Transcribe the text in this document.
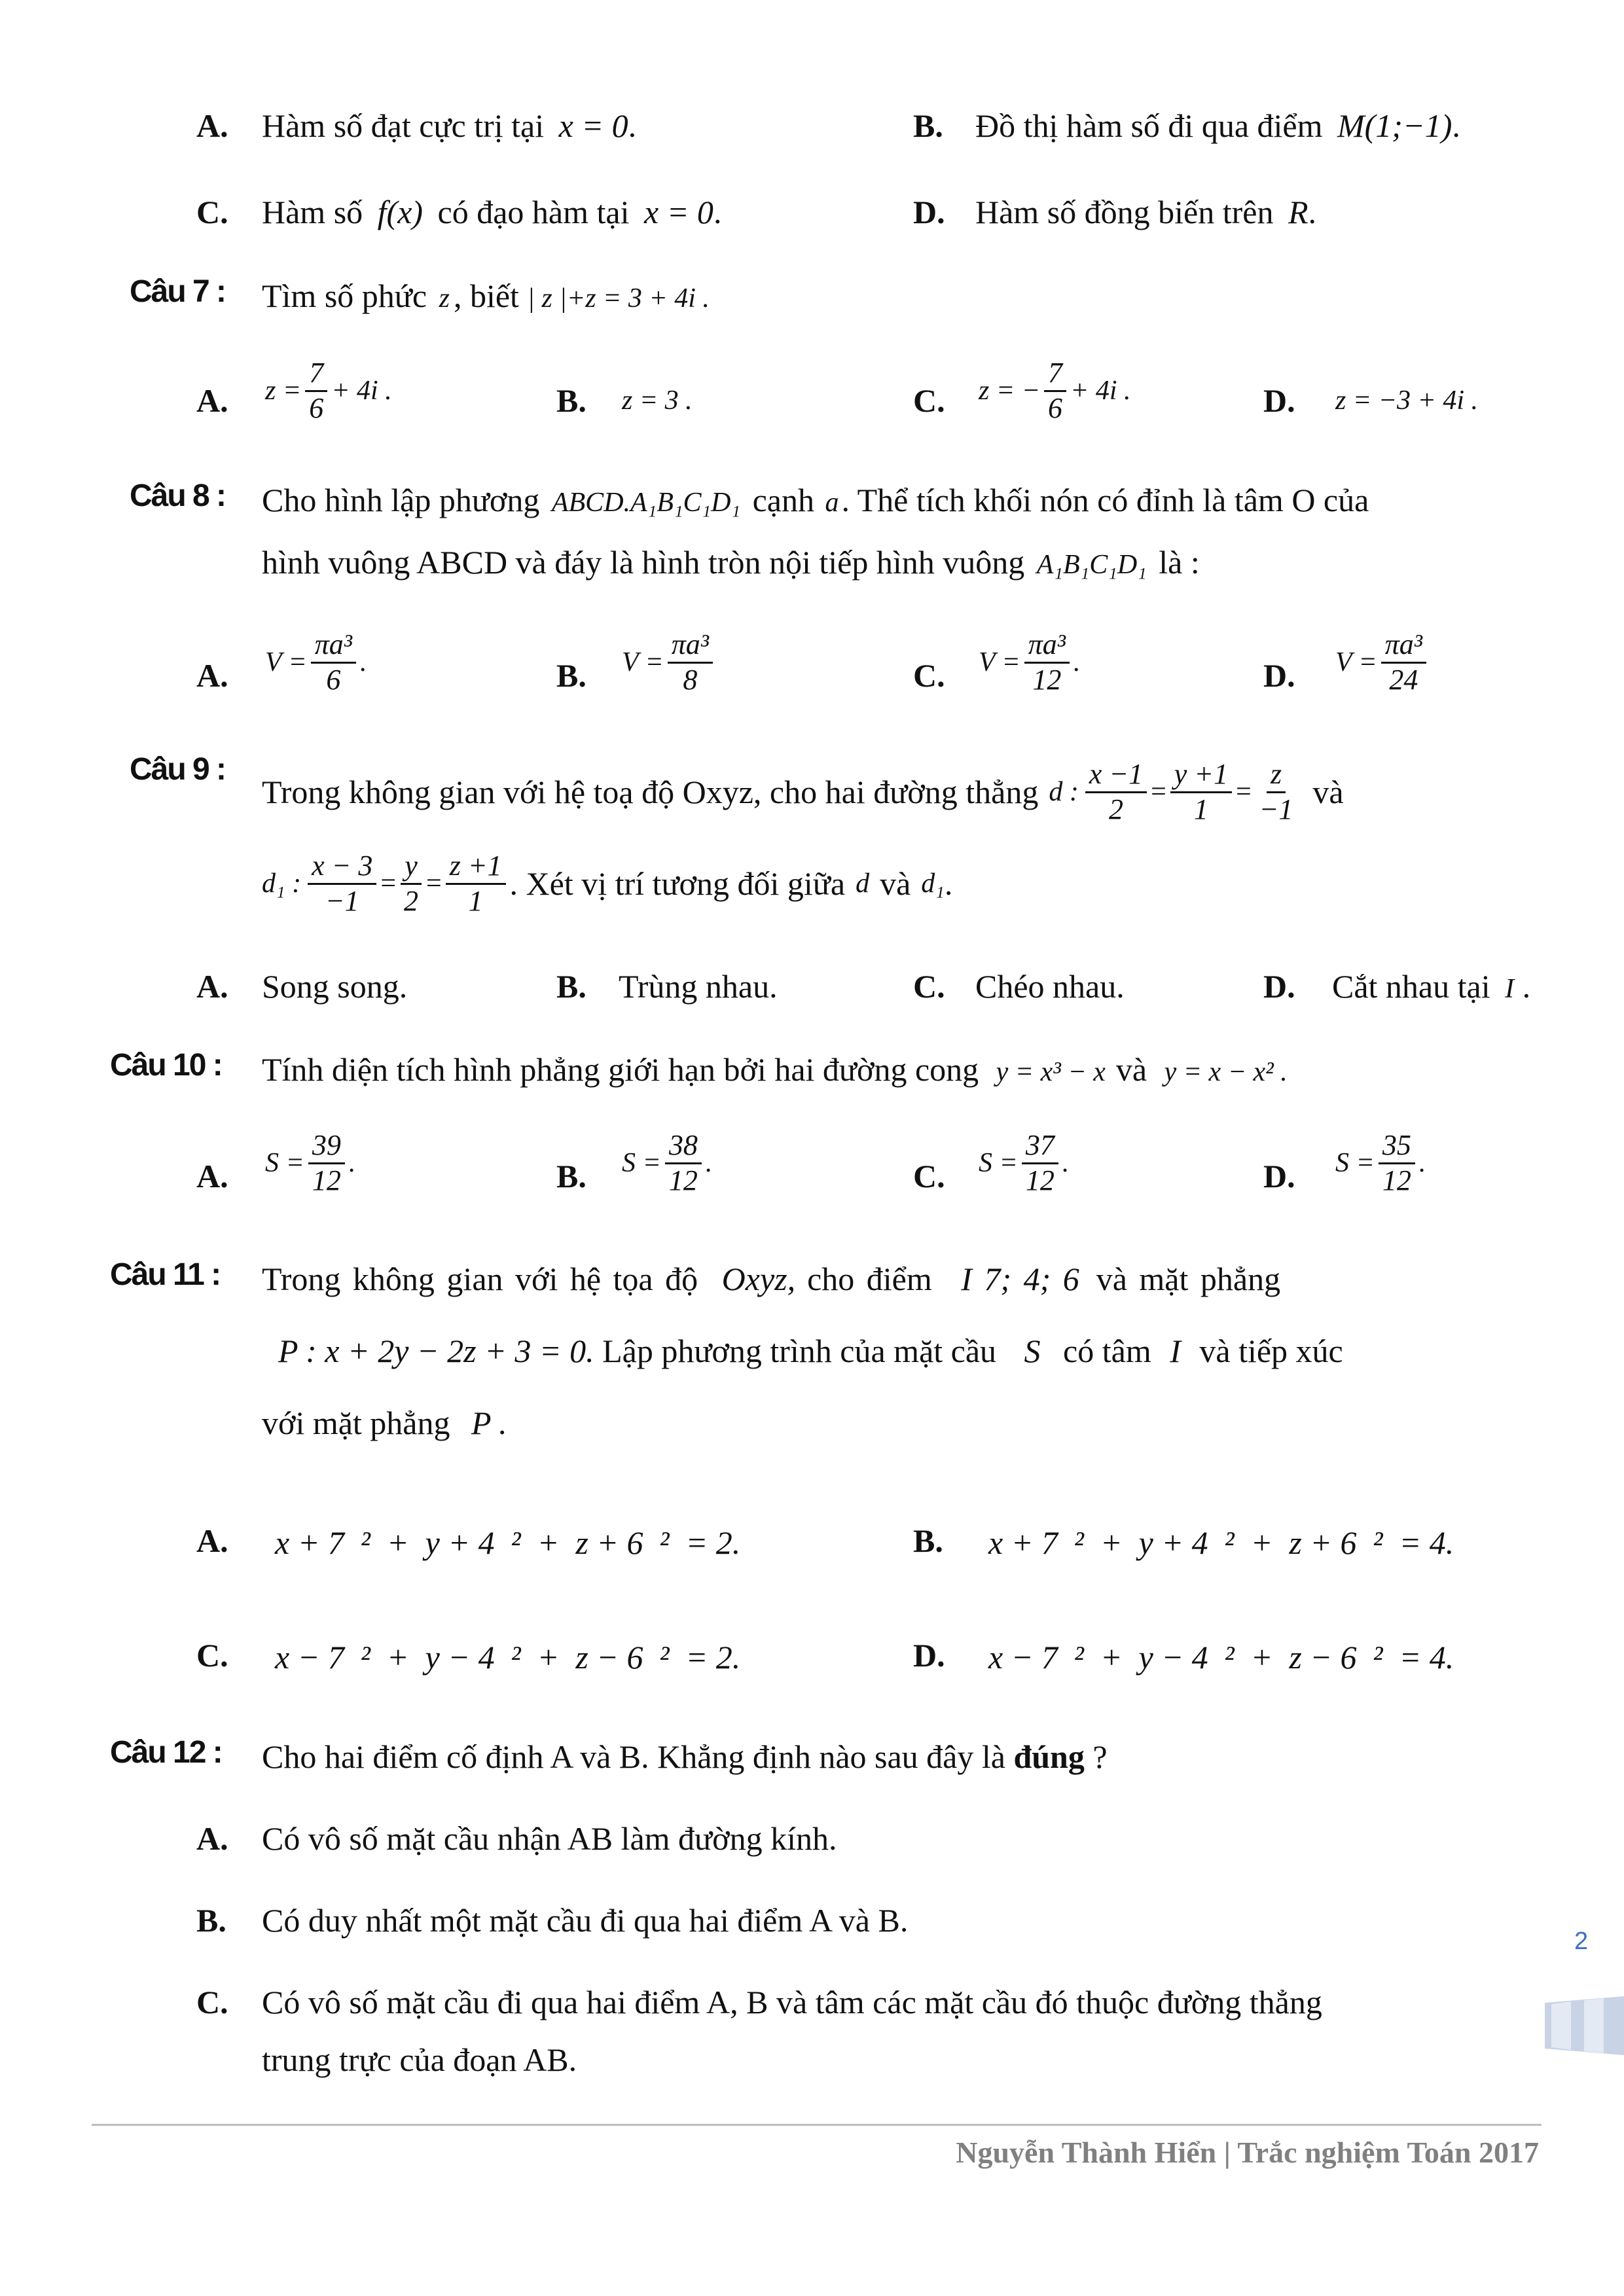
A. Hàm số đạt cực trị tại x = 0.	B. Đồ thị hàm số đi qua điểm M(1;−1).
C. Hàm số f(x) có đạo hàm tại x = 0.	D. Hàm số đồng biến trên R.
Câu 7 : Tìm số phức z , biết | z |+z = 3 + 4i .
A. $z = \frac{7}{6} + 4i$ .	B. z = 3 .	C. z = − $\frac{7}{6} + 4i$ .	D. z = −3 + 4i .
Câu 8 : Cho hình lập phương ABCD.A₁B₁C₁D₁ cạnh a. Thể tích khối nón có đỉnh là tâm O của
hình vuông ABCD và đáy là hình tròn nội tiếp hình vuông A₁B₁C₁D₁ là :
A. $V = \frac{\text{πa³}}{6}$ .	B. $V = \frac{\text{πa³}}{8}$	C. $V = \frac{\text{πa³}}{12}$ .	D. $V = \frac{\text{πa³}}{24}$
Câu 9 :
Trong không gian với hệ toạ độ Oxyz, cho hai đường thẳng d : $\frac{x -1}{2} = \frac{y +1}{1} = \frac{z}{-1}$ và
d₁ : $\frac{x - 3}{-1} = \frac{y}{2} = \frac{z +1}{1}$ . Xét vị trí tương đối giữa d và d₁ .
A. Song song.	B. Trùng nhau.	C. Chéo nhau.	D. Cắt nhau tại I .
Câu 10 : Tính diện tích hình phẳng giới hạn bởi hai đường cong y = x³ − x và y = x − x² .
A. $S = \frac{39}{12}$ .	B. $S = \frac{38}{12}$ .	C. $S = \frac{37}{12}$ .	D. $S = \frac{35}{12}$ .
Câu 11 : Trong không gian với hệ tọa độ Oxyz, cho điểm I 7; 4; 6 và mặt phẳng
P : x + 2y − 2z + 3 = 0. Lập phương trình của mặt cầu S có tâm I và tiếp xúc
với mặt phẳng P .
A. x + 7  ²  +  y + 4  ²  +  z + 6  ²  = 2.	B. x + 7  ²  +  y + 4  ²  +  z + 6  ²  = 4.
C. x − 7  ²  +  y − 4  ²  +  z − 6  ²  = 2.	D. x − 7  ²  +  y − 4  ²  +  z − 6  ²  = 4.
Câu 12 : Cho hai điểm cố định A và B. Khẳng định nào sau đây là đúng ?
A. Có vô số mặt cầu nhận AB làm đường kính.
B. Có duy nhất một mặt cầu đi qua hai điểm A và B.
C. Có vô số mặt cầu đi qua hai điểm A, B và tâm các mặt cầu đó thuộc đường thẳng
trung trực của đoạn AB.
2
Nguyễn Thành Hiển | Trắc nghiệm Toán 2017
